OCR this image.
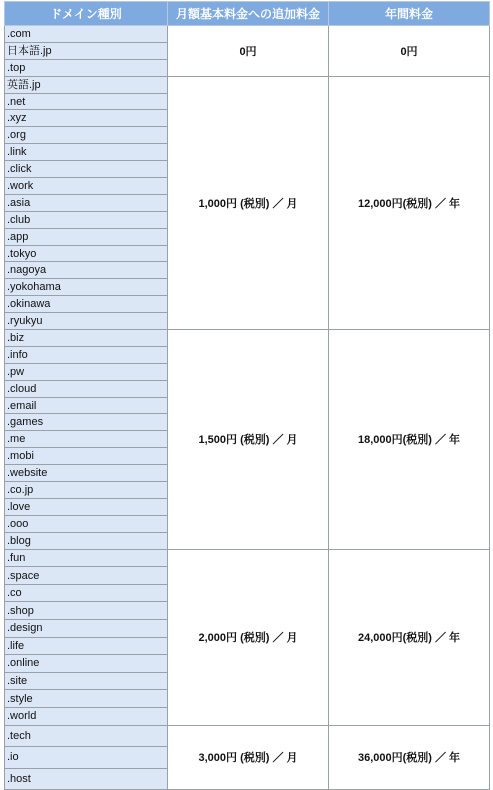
ドメイン種別	月額基本料金への追加料金	年間料金
.com	0円	0円
日本語.jp		
.top		
英語.jp	1,000円 (税別) ／ 月	12,000円(税別) ／ 年
.net		
.xyz		
.org		
.link		
.click		
.work		
.asia		
.club		
.app		
.tokyo		
.nagoya		
.yokohama		
.okinawa		
.ryukyu		
.biz	1,500円 (税別) ／ 月	18,000円(税別) ／ 年
.info		
.pw		
.cloud		
.email		
.games		
.me		
.mobi		
.website		
.co.jp		
.love		
.ooo		
.blog		
.fun	2,000円 (税別) ／ 月	24,000円(税別) ／ 年
.space		
.co		
.shop		
.design		
.life		
.online		
.site		
.style		
.world		
.tech	3,000円 (税別) ／ 月	36,000円(税別) ／ 年
.io		
.host		
